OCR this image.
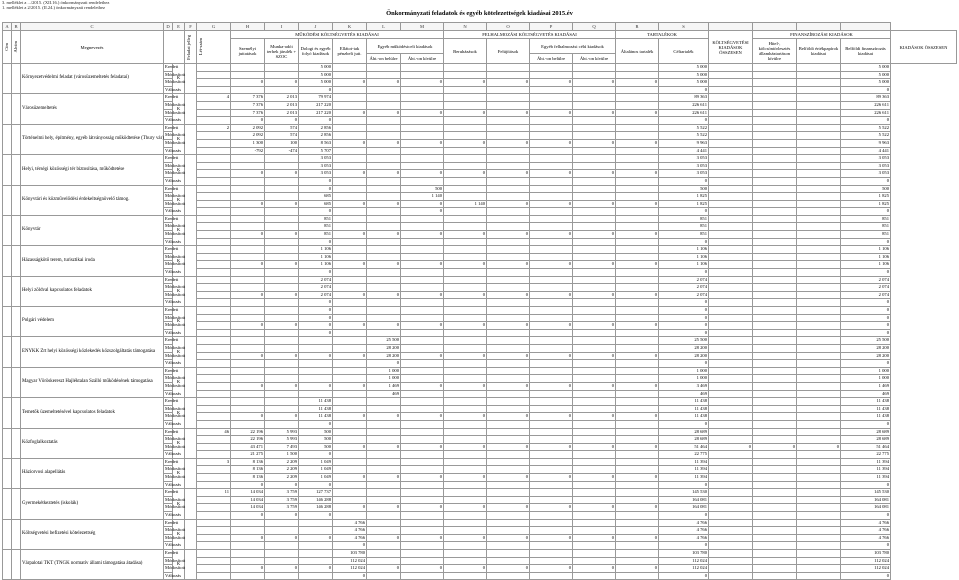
3. melléklet a .../2015. (XII.16.) önkormányzati rendelethez
1. melléklet a 2/2015. (II.24.) önkormányzati rendelethez
Önkormányzati feladatok és egyéb kötelezettségek kiadásai 2015.év
A	B	C	D	E	F	G	H	I	J	K	L	M	N	O	P	Q	R	S					

Cím	Alcím	Megnevezés			Feladat jelleg	Lét-szám	MŰKÖDÉSI KÖLTSÉGVETÉS KIADÁSAI						FELHALMOZÁSI KÖLTSÉGVETÉS KIADÁSAI				TARTALÉKOK		KÖLTSÉGVETÉSI KIADÁSOK ÖSSZESEN	FINANSZÍROZÁSI KIADÁSOK			KIADÁSOK ÖSSZESEN
							Személyi juttatások	Munka-adói terhek járulék + SZOC	Dologi és egyéb folyó kiadások	Ellátot-tak pénzbeli jutt.	Egyéb működésiceli kiadások		Beruházások	Felújítások	Egyéb felhalmozási célú kiadások		Általános tartalék	Céltartalék		Hitel-, kölcsöntörlesztés államháztartáson kívülre	Belföldi értékpapírok kiadásai	Belföldi finanszírozás kiadásai	
											Áht.-on belülre	Áht.-on kívülre			Áht.-on belülre	Áht.-on kívülre							
		Környezetvédelmi feladat (városüzemeltetés feladatai)	Eredeti	K					5 000									5 000				5 000	
			Módosított						5 000									5 000				5 000	
			Módosított				0	0	5 000	0	0	0	0	0	0	0	0	5 000				5 000	
			Változás						0									0				0	
		Városüzemeltetés	Eredeti	K		4	7 376	2 013	79 974									89 363				89 363	
			Módosított				7 376	2 013	217 220									226 611				226 611	
			Módosított				7 376	2 013	217 220	0	0	0	0	0	0	0	0	226 611				226 611	
			Változás				0	0	0									0				0	
		Történelmi hely, építmény, egyéb látványosság működtetése (Thury vár)	Eredeti	K		2	2 092	574	2 856									5 522				5 522	
			Módosított				2 092	574	2 856									5 522				5 522	
			Módosított				1 300	100	8 563	0	0	0	0	0	0	0	0	9 963				9 963	
			Változás				-792	-474	5 707									4 441				4 441	
		Helyi, térségi közösségi tér biztosítása, működtetése	Eredeti	K					3 053									3 053				3 053	
			Módosított						3 053									3 053				3 053	
			Módosított				0	0	3 053	0	0	0	0	0	0	0	0	3 053				3 053	
			Változás						0									0				0	
		Könyvtári és közművelődési érdekeltségnövelő támog.	Eredeti	K					0			500						500				500	
			Módosított						685			1 140						1 825				1 825	
			Módosított				0	0	685	0	0	0	1 140	0	0	0	0	1 825				1 825	
			Változás						0			0						0				0	
		Könyvtár	Eredeti	K					851									851				851	
			Módosított						851									851				851	
			Módosított				0	0	851	0	0	0	0	0	0	0	0	851				851	
			Változás						0									0				0	
		Házasságkötő terem, turisztikai iroda	Eredeti	K					1 106									1 106				1 106	
			Módosított						1 106									1 106				1 106	
			Módosított				0	0	1 106	0	0	0	0	0	0	0	0	1 106				1 106	
			Változás						0									0				0	
		Helyi zöldval kapcsolatos feladatok	Eredeti	K					2 074									2 074				2 074	
			Módosított						2 074									2 074				2 074	
			Módosított				0	0	2 074	0	0	0	0	0	0	0	0	2 074				2 074	
			Változás						0									0				0	
		Polgári védelem	Eredeti	K					0									0				0	
			Módosított						0									0				0	
			Módosított				0	0	0	0	0	0	0	0	0	0	0	0				0	
			Változás						0									0				0	
		ENYKK Zrt helyi közösségi közlekedés közszolgáltatás támogatása	Eredeti	K							25 500							25 500				25 500	
			Módosított								28 200							28 200				28 200	
			Módosított				0	0	0	0	28 200	0	0	0	0	0	0	28 200				28 200	
			Változás								0							0				0	
		Magyar Vöröskereszt Hajléktalan Szálló működésének támogatása	Eredeti	K							1 000							1 000				1 000	
			Módosított								1 000							1 000				1 000	
			Módosított				0	0	0	0	1 469	0	0	0	0	0	0	3 469				1 469	
			Változás								469							469				469	
		Temetők üzemeltetésével kapcsolatos feladatok	Eredeti	K					11 438									11 438				11 438	
			Módosított						11 438									11 438				11 438	
			Módosított				0	0	11 438	0	0	0	0	0	0	0	0	11 438				11 438	
			Változás						0									0				0	
		Közfoglalkoztatás	Eredeti	K		46	22 196	5 993	500									28 689				28 689	
			Módosított				22 196	5 993	500									28 689				28 689	
			Módosított				43 471	7 493	500	0	0	0	0	0	0	0	0	51 464	0	0	0	51 464	
			Változás				21 275	1 500	0									22 775				22 775	
		Háziorvosi alapellátás	Eredeti	K		3	8 136	2 209	1 049									11 394				11 394	
			Módosított				8 136	2 209	1 049									11 394				11 394	
			Módosított				8 136	2 209	1 049	0	0	0	0	0	0	0	0	11 394				11 394	
			Változás				0	0	0									0				0	
		Gyermekétkeztetés (iskolák)	Eredeti	K		11	14 034	3 759	127 737									145 530				145 530	
			Módosított				14 034	3 759	146 288									164 081				164 081	
			Módosított				14 034	3 759	146 288	0	0	0	0	0	0	0	0	164 081				164 081	
			Változás				0	0	0									0				0	
		Költségvetési befizetési kötelezettség	Eredeti	K						4 766								4 766				4 766	
			Módosított							4 766								4 766				4 766	
			Módosított				0	0	0	4 766	0	0	0	0	0	0	0	4 766				4 766	
			Változás							0								0				0	
		Várpalotai TKT (TNGK normatív állami támogatása átadása)	Eredeti	K						103 780								103 780				103 780	
			Módosított							112 024								112 024				112 024	
			Módosított				0	0	0	112 024	0	0	0	0	0	0	0	112 024				112 024	
			Változás							0								0				0	
